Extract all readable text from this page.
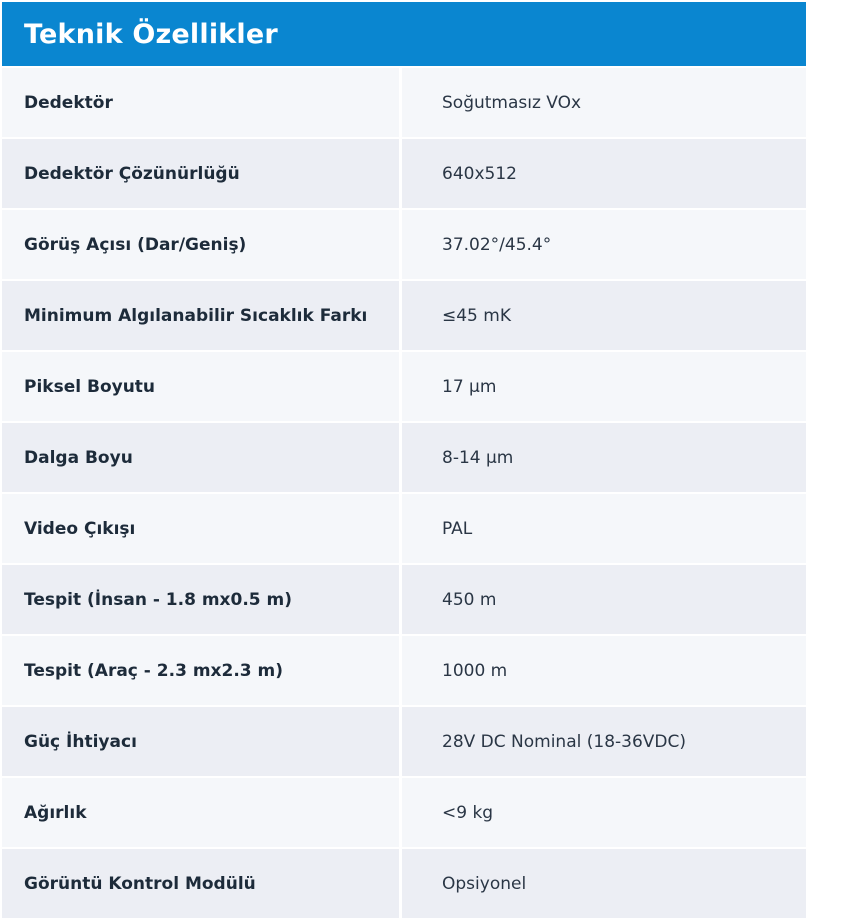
Teknik Özellikler
Dedektör	Soğutmasız VOx
Dedektör Çözünürlüğü	640x512
Görüş Açısı (Dar/Geniş)	37.02°/45.4°
Minimum Algılanabilir Sıcaklık Farkı	≤45 mK
Piksel Boyutu	17 µm
Dalga Boyu	8-14 µm
Video Çıkışı	PAL
Tespit (İnsan - 1.8 mx0.5 m)	450 m
Tespit (Araç - 2.3 mx2.3 m)	1000 m
Güç İhtiyacı	28V DC Nominal (18-36VDC)
Ağırlık	<9 kg
Görüntü Kontrol Modülü	Opsiyonel
